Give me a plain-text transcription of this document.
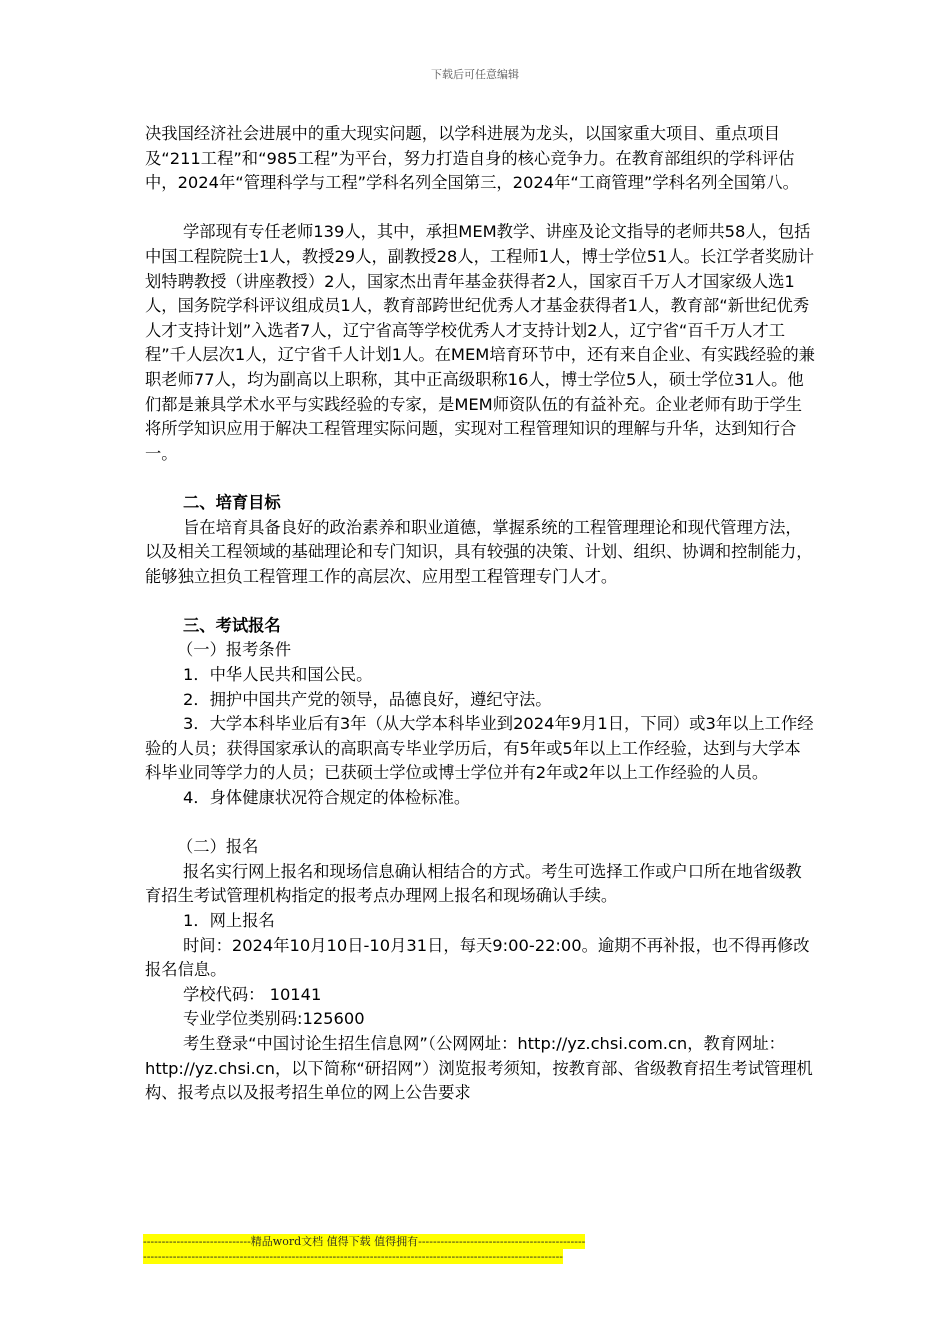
下载后可任意编辑

决我国经济社会进展中的重大现实问题，以学科进展为龙头，以国家重大项目、重点项目及“211工程”和“985工程”为平台，努力打造自身的核心竞争力。在教育部组织的学科评估中，2024年“管理科学与工程”学科名列全国第三，2024年“工商管理”学科名列全国第八。

学部现有专任老师139人，其中，承担MEM教学、讲座及论文指导的老师共58人，包括中国工程院院士1人，教授29人，副教授28人，工程师1人，博士学位51人。长江学者奖励计划特聘教授（讲座教授）2人，国家杰出青年基金获得者2人，国家百千万人才国家级人选1人，国务院学科评议组成员1人，教育部跨世纪优秀人才基金获得者1人，教育部“新世纪优秀人才支持计划”入选者7人，辽宁省高等学校优秀人才支持计划2人，辽宁省“百千万人才工程”千人层次1人，辽宁省千人计划1人。在MEM培育环节中，还有来自企业、有实践经验的兼职老师77人，均为副高以上职称，其中正高级职称16人，博士学位5人，硕士学位31人。他们都是兼具学术水平与实践经验的专家，是MEM师资队伍的有益补充。企业老师有助于学生将所学知识应用于解决工程管理实际问题，实现对工程管理知识的理解与升华，达到知行合一。

二、培育目标

旨在培育具备良好的政治素养和职业道德，掌握系统的工程管理理论和现代管理方法，以及相关工程领域的基础理论和专门知识，具有较强的决策、计划、组织、协调和控制能力，能够独立担负工程管理工作的高层次、应用型工程管理专门人才。

三、考试报名

（一）报考条件

1．中华人民共和国公民。

2．拥护中国共产党的领导，品德良好，遵纪守法。

3．大学本科毕业后有3年（从大学本科毕业到2024年9月1日，下同）或3年以上工作经验的人员；获得国家承认的高职高专毕业学历后，有5年或5年以上工作经验，达到与大学本科毕业同等学力的人员；已获硕士学位或博士学位并有2年或2年以上工作经验的人员。

4．身体健康状况符合规定的体检标准。

（二）报名

报名实行网上报名和现场信息确认相结合的方式。考生可选择工作或户口所在地省级教育招生考试管理机构指定的报考点办理网上报名和现场确认手续。

1．网上报名

时间：2024年10月10日-10月31日，每天9:00-22:00。逾期不再补报，也不得再修改报名信息。

学校代码： 10141

专业学位类别码:125600

考生登录“中国讨论生招生信息网”（公网网址：http://yz.chsi.com.cn，教育网址：http://yz.chsi.cn，以下简称“研招网”）浏览报考须知，按教育部、省级教育招生考试管理机构、报考点以及报考招生单位的网上公告要求

-----------------------------精品word文档 值得下载 值得拥有---------------------------------------------
-----------------------------------------------------------------------------------------------------------------
